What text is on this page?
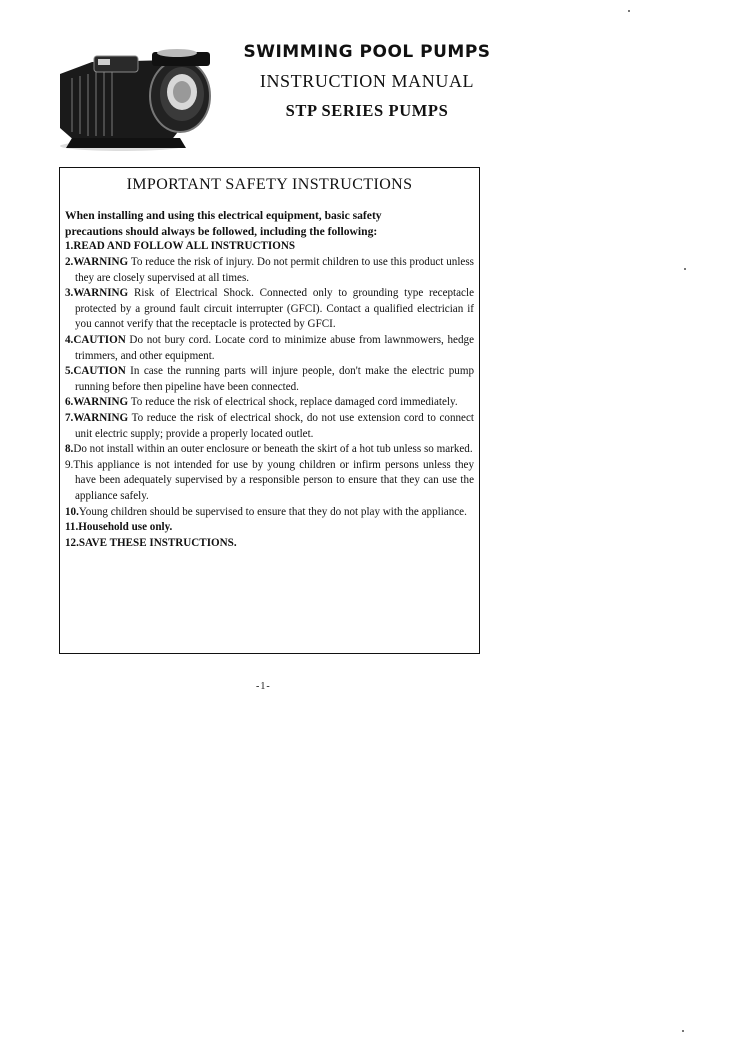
SWIMMING POOL PUMPS
INSTRUCTION MANUAL
STP SERIES PUMPS
IMPORTANT SAFETY INSTRUCTIONS
When installing and using this electrical equipment, basic safety
precautions should always be followed, including the following:
1.READ AND FOLLOW ALL INSTRUCTIONS
2.WARNING To reduce the risk of injury. Do not permit children to use this product unless they are closely supervised at all times.
3.WARNING Risk of Electrical Shock. Connected only to grounding type receptacle protected by a ground fault circuit interrupter (GFCI). Contact a qualified electrician if you cannot verify that the receptacle is protected by GFCI.
4.CAUTION Do not bury cord. Locate cord to minimize abuse from lawnmowers, hedge trimmers, and other equipment.
5.CAUTION In case the running parts will injure people, don't make the electric pump running before then pipeline have been connected.
6.WARNING To reduce the risk of electrical shock, replace damaged cord immediately.
7.WARNING To reduce the risk of electrical shock, do not use extension cord to connect unit electric supply; provide a properly located outlet.
8.Do not install within an outer enclosure or beneath the skirt of a hot tub unless so marked.
9.This appliance is not intended for use by young children or infirm persons unless they have been adequately supervised by a responsible person to ensure that they can use the appliance safely.
10.Young children should be supervised to ensure that they do not play with the appliance.
11.Household use only.
12.SAVE THESE INSTRUCTIONS.
-1-
